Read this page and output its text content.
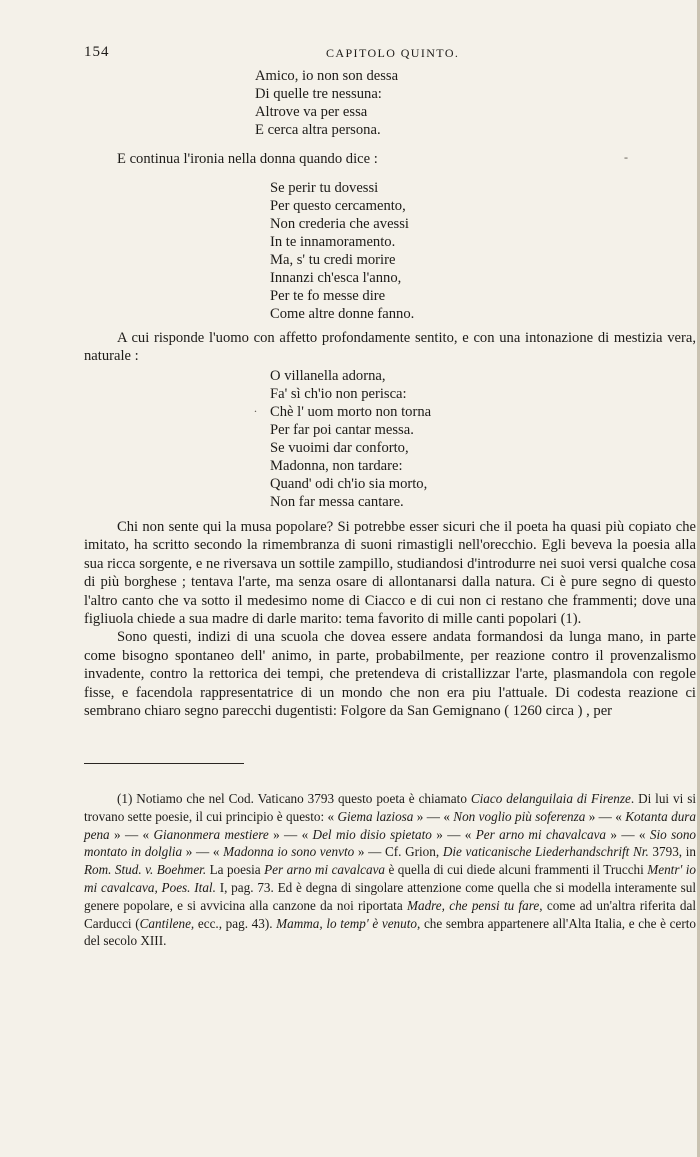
154	CAPITOLO QUINTO.
Amico, io non son dessa
Di quelle tre nessuna:
Altrove va per essa
E cerca altra persona.

E continua l'ironia nella donna quando dice :	-
Se perir tu dovessi
Per questo cercamento,
Non crederia che avessi
In te innamoramento.
Ma, s' tu credi morire
Innanzi ch'esca l'anno,
Per te fo messe dire
Come altre donne fanno.

A cui risponde l'uomo con affetto profondamente sentito, e con una intonazione di mestizia vera, naturale :

O villanella adorna,
Fa' sì ch'io non perisca:
Chè l' uom morto non torna
Per far poi cantar messa.
Se vuoimi dar conforto,
Madonna, non tardare:
Quand' odi ch'io sia morto,
Non far messa cantare.
.

Chi non sente qui la musa popolare? Si potrebbe esser sicuri che il poeta ha quasi più copiato che imitato, ha scritto secondo la rimembranza di suoni rimastigli nell'orecchio. Egli beveva la poesia alla sua ricca sorgente, e ne riversava un sottile zampillo, studiandosi d'introdurre nei suoi versi qualche cosa di più borghese ; tentava l'arte, ma senza osare di allontanarsi dalla natura. Ci è pure segno di questo l'altro canto che va sotto il medesimo nome di Ciacco e di cui non ci restano che frammenti; dove una figliuola chiede a sua madre di darle marito: tema favorito di mille canti popolari (1).

Sono questi, indizi di una scuola che dovea essere andata formandosi da lunga mano, in parte come bisogno spontaneo dell' animo, in parte, probabilmente, per reazione contro il provenzalismo invadente, contro la rettorica dei tempi, che pretendeva di cristallizzar l'arte, plasmandola con regole fisse, e facendola rappresentatrice di un mondo che non era piu l'attuale. Di codesta reazione ci sembrano chiaro segno parecchi dugentisti: Folgore da San Gemignano ( 1260 circa ) , per

(1) Notiamo che nel Cod. Vaticano 3793 questo poeta è chiamato Ciaco delanguilaia di Firenze. Di lui vi si trovano sette poesie, il cui principio è questo: « Giema laziosa » — « Non voglio più soferenza » — « Kotanta dura pena » — « Gianonmera mestiere » — « Del mio disio spietato » — « Per arno mi chavalcava » — « Sio sono montato in dolglia » — « Madonna io sono venvto » — Cf. Grion, Die vaticanische Liederhandschrift Nr. 3793, in Rom. Stud. v. Boehmer. La poesia Per arno mi cavalcava è quella di cui diede alcuni frammenti il Trucchi Mentr' io mi cavalcava, Poes. Ital. I, pag. 73. Ed è degna di singolare attenzione come quella che si modella interamente sul genere popolare, e si avvicina alla canzone da noi riportata Madre, che pensi tu fare, come ad un'altra riferita dal Carducci (Cantilene, ecc., pag. 43). Mamma, lo temp' è venuto, che sembra appartenere all'Alta Italia, e che è certo del secolo XIII.
